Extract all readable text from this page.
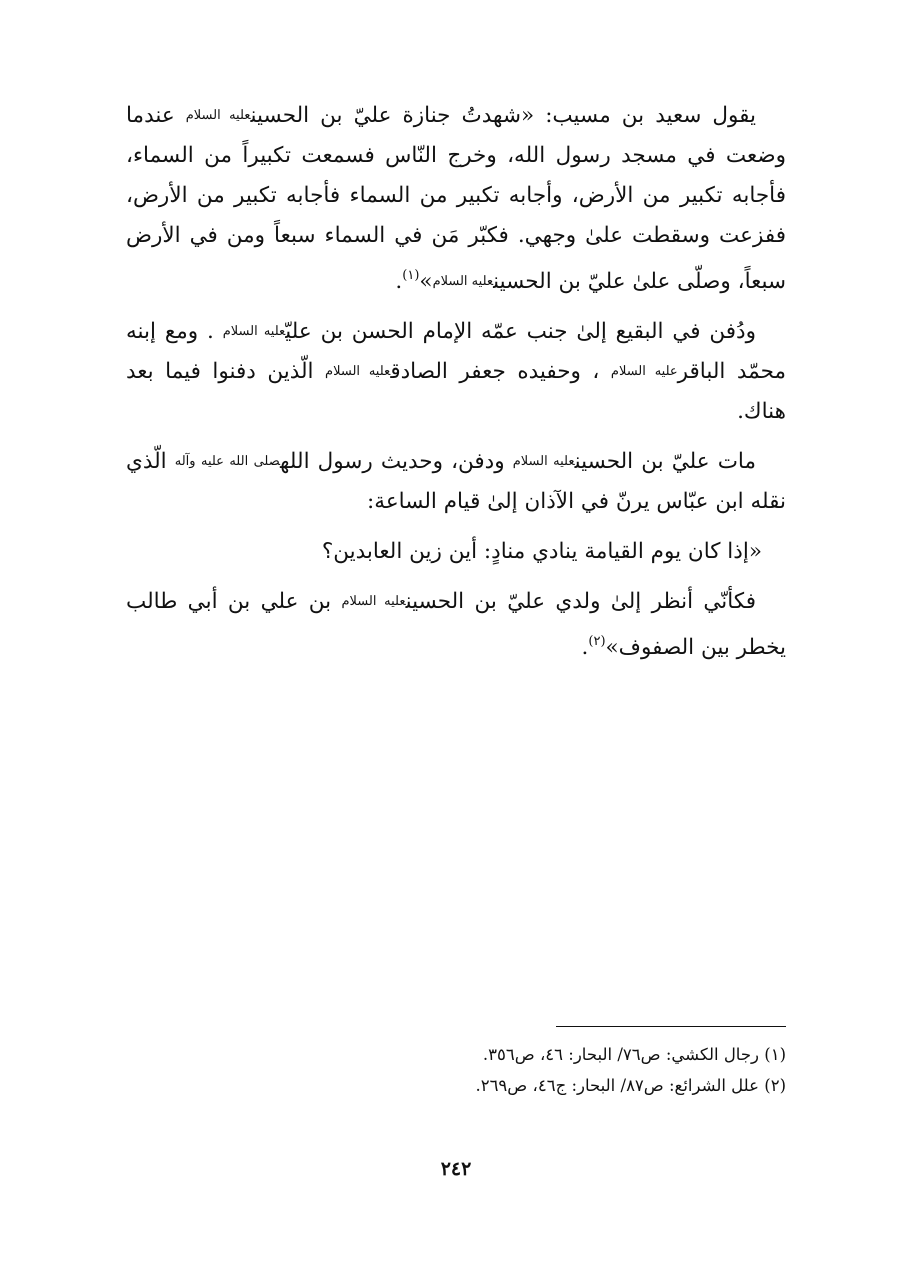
يقول سعيد بن مسيب: «شهدتُ جنازة عليّ بن الحسينعليه السلام عندما وضعت في مسجد رسول الله، وخرج النّاس فسمعت تكبيراً من السماء، فأجابه تكبير من الأرض، وأجابه تكبير من السماء فأجابه تكبير من الأرض، ففزعت وسقطت علىٰ وجهي. فكبّر مَن في السماء سبعاً ومن في الأرض سبعاً، وصلّى علىٰ عليّ بن الحسينعليه السلام»$^{(١)}$.

ودُفن في البقيع إلىٰ جنب عمّه الإمام الحسن بن عليّعليه السلام . ومع إبنه محمّد الباقرعليه السلام ، وحفيده جعفر الصادقعليه السلام الّذين دفنوا فيما بعد هناك.

مات عليّ بن الحسينعليه السلام ودفن، وحديث رسول اللهصلى الله عليه وآله الّذي نقله ابن عبّاس يرنّ في الآذان إلىٰ قيام الساعة:

«إذا كان يوم القيامة ينادي منادٍ: أين زين العابدين؟

فكأنّي أنظر إلىٰ ولدي عليّ بن الحسينعليه السلام بن علي بن أبي طالب يخطر بين الصفوف»$^{(٢)}$.

(١) رجال الكشي: ص٧٦/ البحار: ٤٦، ص٣٥٦.

(٢) علل الشرائع: ص٨٧/ البحار: ج٤٦، ص٢٦٩.

٢٤٢
